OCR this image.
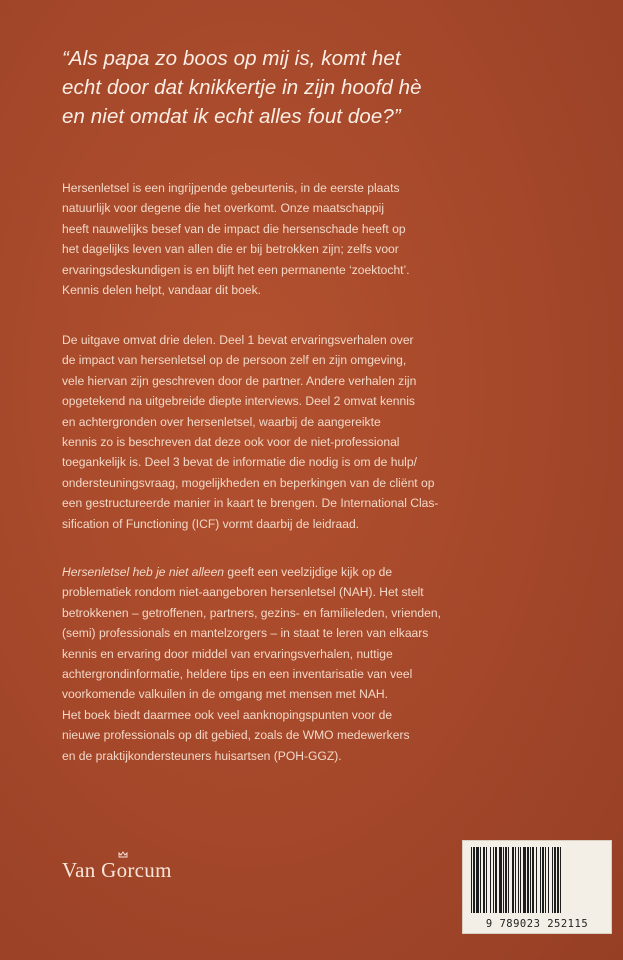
“Als papa zo boos op mij is, komt het
echt door dat knikkertje in zijn hoofd hè
en niet omdat ik echt alles fout doe?”
Hersenletsel is een ingrijpende gebeurtenis, in de eerste plaats
natuurlijk voor degene die het overkomt. Onze maatschappij
heeft nauwelijks besef van de impact die hersenschade heeft op
het dagelijks leven van allen die er bij betrokken zijn; zelfs voor
ervaringsdeskundigen is en blijft het een permanente ‘zoektocht’.
Kennis delen helpt, vandaar dit boek.
De uitgave omvat drie delen. Deel 1 bevat ervaringsverhalen over
de impact van hersenletsel op de persoon zelf en zijn omgeving,
vele hiervan zijn geschreven door de partner. Andere verhalen zijn
opgetekend na uitgebreide diepte interviews. Deel 2 omvat kennis
en achtergronden over hersenletsel, waarbij de aangereikte
kennis zo is beschreven dat deze ook voor de niet-professional
toegankelijk is. Deel 3 bevat de informatie die nodig is om de hulp/
ondersteuningsvraag, mogelijkheden en beperkingen van de cliënt op
een gestructureerde manier in kaart te brengen. De International Clas-
sification of Functioning (ICF) vormt daarbij de leidraad.
Hersenletsel heb je niet alleen geeft een veelzijdige kijk op de
problematiek rondom niet-aangeboren hersenletsel (NAH). Het stelt
betrokkenen – getroffenen, partners, gezins- en familieleden, vrienden,
(semi) professionals en mantelzorgers – in staat te leren van elkaars
kennis en ervaring door middel van ervaringsverhalen, nuttige
achtergrondinformatie, heldere tips en een inventarisatie van veel
voorkomende valkuilen in de omgang met mensen met NAH.
Het boek biedt daarmee ook veel aanknopingspunten voor de
nieuwe professionals op dit gebied, zoals de WMO medewerkers
en de praktijkondersteuners huisartsen (POH-GGZ).
Van Gorcum
9 789023 252115
